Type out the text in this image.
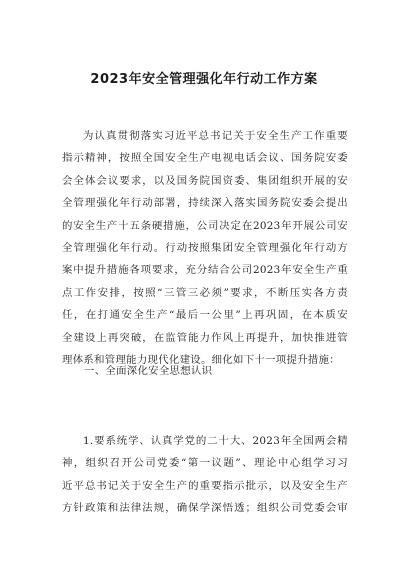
2023年安全管理强化年行动工作方案
为认真贯彻落实习近平总书记关于安全生产工作重要
指示精神，按照全国安全生产电视电话会议、国务院安委
会全体会议要求，以及国务院国资委、集团组织开展的安
全管理强化年行动部署，持续深入落实国务院安委会提出
的安全生产十五条硬措施，公司决定在2023年开展公司安
全管理强化年行动。行动按照集团安全管理强化年行动方
案中提升措施各项要求，充分结合公司2023年安全生产重
点工作安排，按照“三管三必须”要求，不断压实各方责
任，在打通安全生产“最后一公里”上再巩固，在本质安
全建设上再突破，在监管能力作风上再提升，加快推进管
理体系和管理能力现代化建设。细化如下十一项提升措施：
一、全面深化安全思想认识
1.要系统学、认真学党的二十大、2023年全国两会精
神，组织召开公司党委“第一议题”、理论中心组学习习
近平总书记关于安全生产的重要指示批示，以及安全生产
方针政策和法律法规，确保学深悟透；组织公司党委会审
